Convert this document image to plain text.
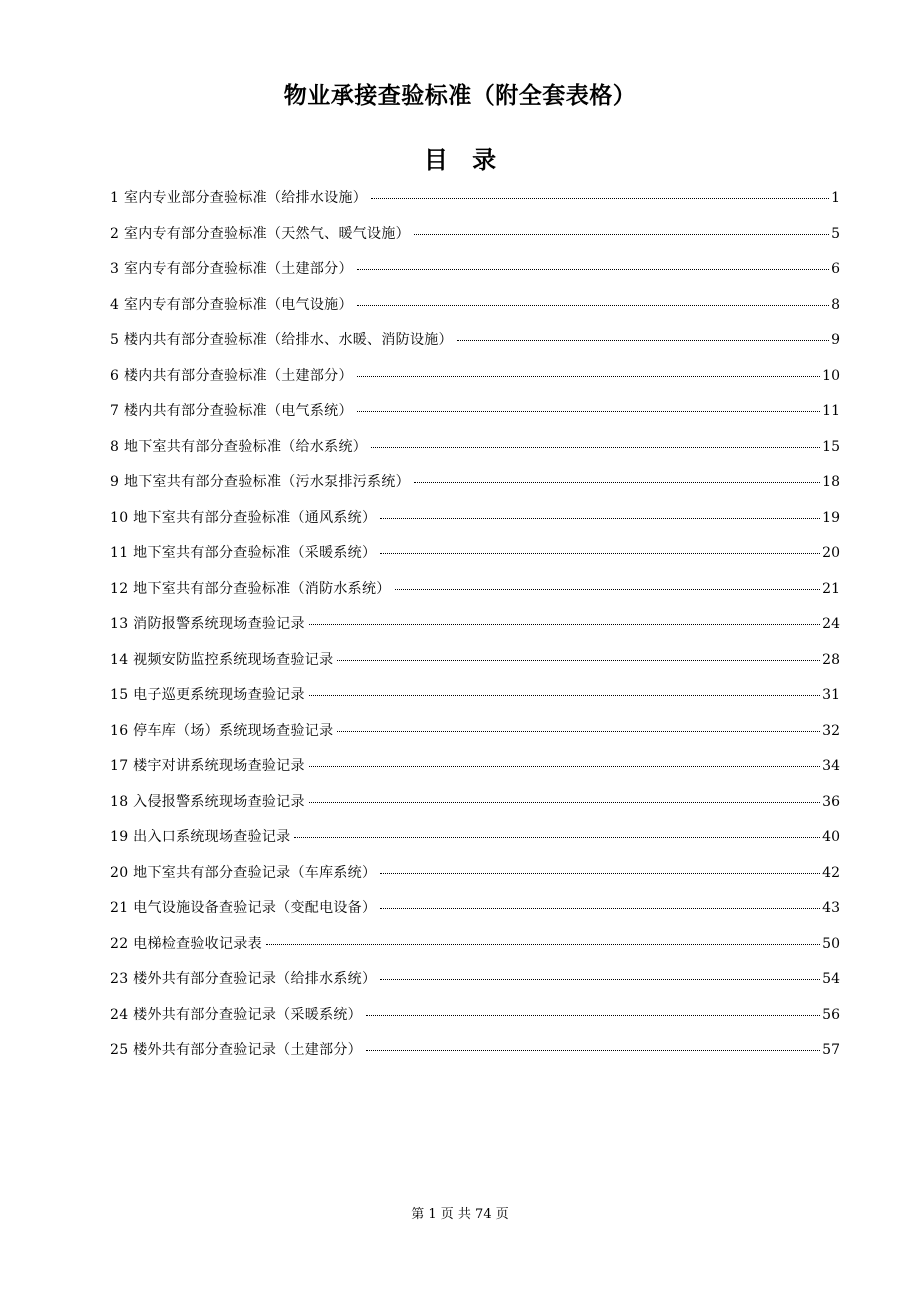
物业承接查验标准（附全套表格）
目 录
1 室内专业部分查验标准（给排水设施）	1
2 室内专有部分查验标准（天然气、暖气设施）	5
3 室内专有部分查验标准（土建部分）	6
4 室内专有部分查验标准（电气设施）	8
5 楼内共有部分查验标准（给排水、水暖、消防设施）	9
6 楼内共有部分查验标准（土建部分）	10
7 楼内共有部分查验标准（电气系统）	11
8 地下室共有部分查验标准（给水系统）	15
9 地下室共有部分查验标准（污水泵排污系统）	18
10 地下室共有部分查验标准（通风系统）	19
11 地下室共有部分查验标准（采暖系统）	20
12 地下室共有部分查验标准（消防水系统）	21
13 消防报警系统现场查验记录	24
14 视频安防监控系统现场查验记录	28
15 电子巡更系统现场查验记录	31
16 停车库（场）系统现场查验记录	32
17 楼宇对讲系统现场查验记录	34
18 入侵报警系统现场查验记录	36
19 出入口系统现场查验记录	40
20 地下室共有部分查验记录（车库系统）	42
21 电气设施设备查验记录（变配电设备）	43
22 电梯检查验收记录表	50
23 楼外共有部分查验记录（给排水系统）	54
24 楼外共有部分查验记录（采暖系统）	56
25 楼外共有部分查验记录（土建部分）	57
第 1 页 共 74 页
